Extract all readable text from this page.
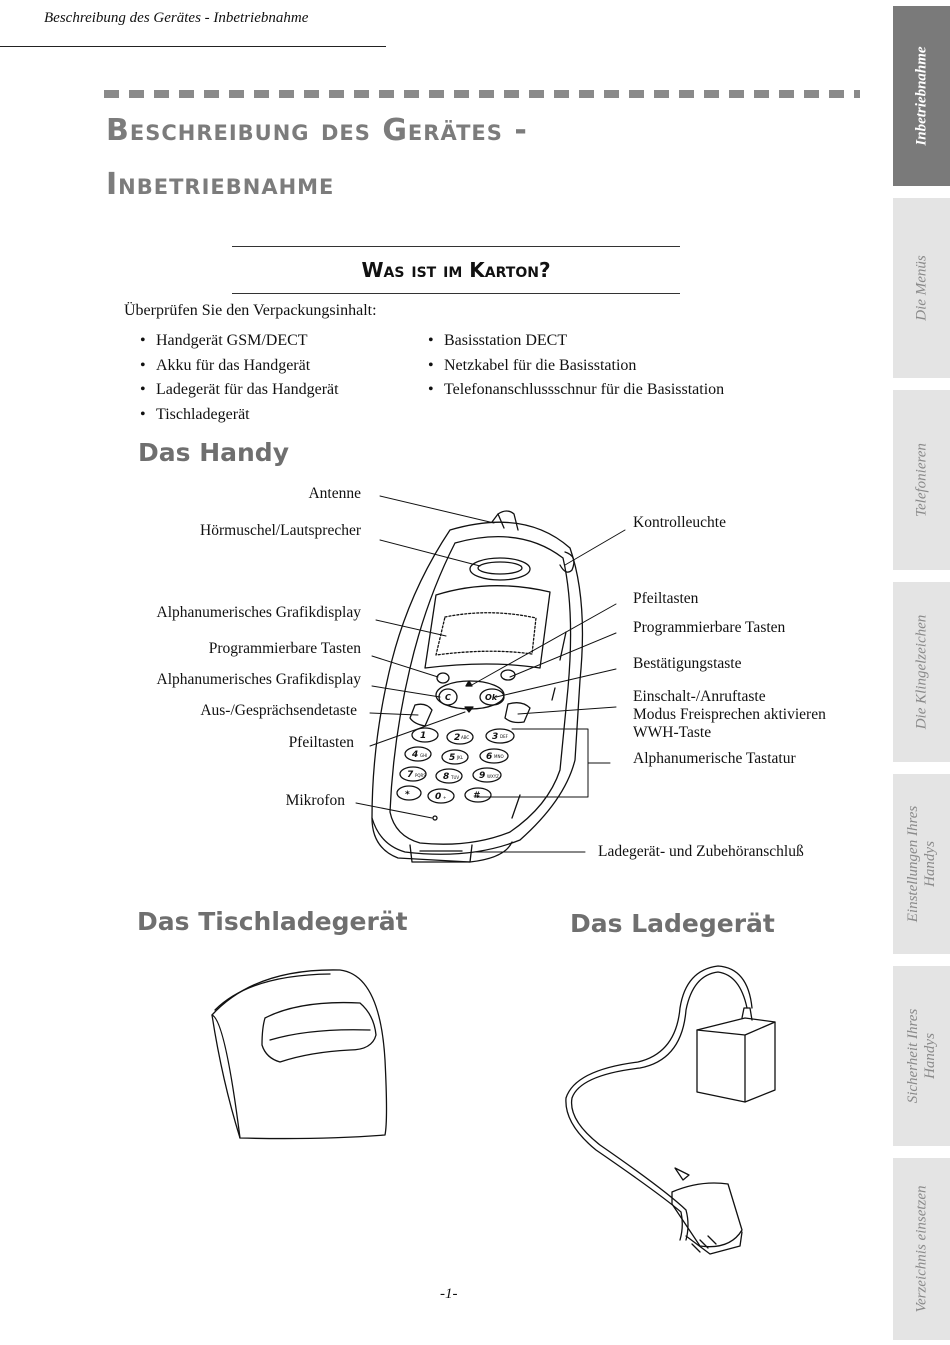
Beschreibung des Gerätes - Inbetriebnahme
Beschreibung des Gerätes -
Inbetriebnahme
Was ist im Karton?
Überprüfen Sie den Verpackungsinhalt:
• Handgerät GSM/DECT
• Akku für das Handgerät
• Ladegerät für das Handgerät
• Tischladegerät
• Basisstation DECT
• Netzkabel für die Basisstation
• Telefonanschlussschnur für die Basisstation
Das Handy
1	2	3
4	5	6
7	8	9
*	0	#
C	Ok
ABC	DEF
GHI	JKL	MNO
PQRS	TUV	WXYZ
+
Antenne
Hörmuschel/Lautsprecher
Alphanumerisches Grafikdisplay
Programmierbare Tasten
Alphanumerisches Grafikdisplay
Aus-/Gesprächsendetaste
Pfeiltasten
Mikrofon
Kontrolleuchte
Pfeiltasten
Programmierbare Tasten
Bestätigungstaste
Einschalt-/Anruftaste
Modus Freisprechen aktivieren
WWH-Taste
Alphanumerische Tastatur
Ladegerät- und Zubehöranschluß
Das Tischladegerät	Das Ladegerät
-1-
Inbetriebnahme
Die Menüs
Telefonieren
Die Klingelzeichen
Einstellungen Ihres Handys
Sicherheit Ihres Handys
Verzeichnis einsetzen
